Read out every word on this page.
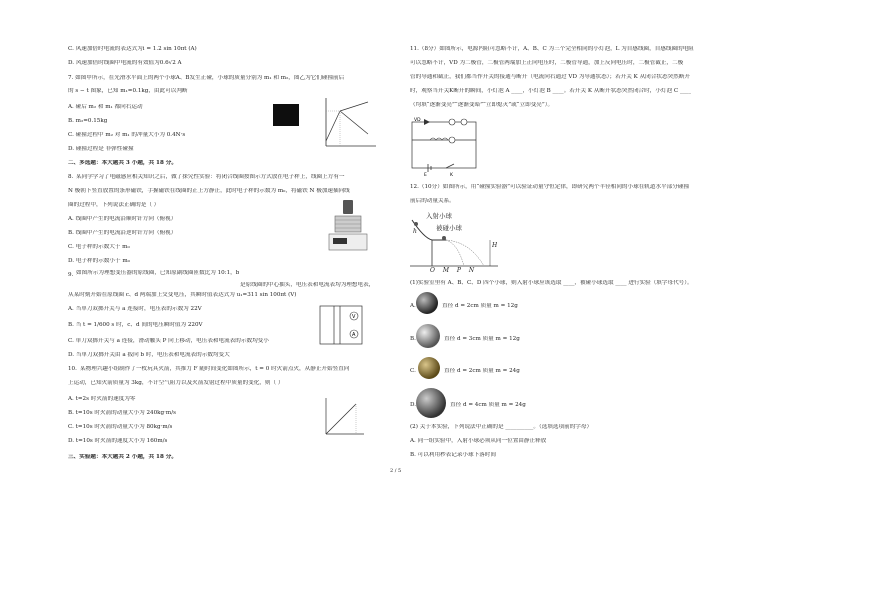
C. 风速加倍时电流的表达式为i = 1.2 sin 10πt (A)
D. 风速加倍时线圈中电流的有效值为0.6√2 A
7. 如图甲所示，在光滑水平面上的两个小球A、B发生正碰，小球的质量分别为 m₁ 和 m₂，图乙为它们碰撞前后
的 s − t 图象，已知 m₁=0.1kg，由此可以判断
A. 碰后 m₂ 和 m₁ 都向右运动
B. m₂=0.15kg
C. 碰撞过程中 m₂ 对 m₁ 的冲量大小为 0.4N·s
D. 碰撞过程是 非弹性碰撞
二、多选题：本大题共 3 小题，共 18 分。
8. 某同学学习了电磁感应相关知识之后，做了探究性实验：将闭合线圈按图示方式放在电子秤上，线圈上方有一
N 极朝下竖直放置的条形磁铁，手握磁铁在线圈的正上方静止，此时电子秤的示数为 m₀，将磁铁 N 极加速插向线
圈的过程中，下列说法正确的是（ ）
A. 线圈中产生的电流沿顺时针方向（俯视）
B. 线圈中产生的电流沿逆时针方向（俯视）
C. 电子秤的示数大于 m₀
D. 电子秤的示数小于 m₀
9. 如图所示为理想变压器的原线圈，已知原副线圈匝数比为 10:1，b
是原线圈的中心抽头，电压表和电流表均为理想电表，
从某时刻开始在原线圈 c、d 两端加上交变电压，其瞬时值表达式为 u₁=311 sin 100πt (V)
A. 当单刀双掷开关与 a 连接时，电压表的示数为 22V
B. 当 t = 1/600 s 时，c、d 间的电压瞬时值为 220V
C. 单刀双掷开关与 a 连接，滑动触头 P 向上移动，电压表和电流表的示数均变小
D. 当单刀双掷开关由 a 扳向 b 时，电压表和电流表的示数均变大
V
A
10. 某物理兴趣小组制作了一枚玩具火箭，其推力 F 随时间变化如图所示，t = 0 时火箭点火，从静止开始竖直向
上运动，已知火箭质量为 3kg，不计空气阻力以及火箭发射过程中质量的变化，则（ ）
A. t=2s 时火箭的速度为零
B. t=10s 时火箭的动量大小为 240kg·m/s
C. t=10s 时火箭的动量大小为 80kg·m/s
D. t=10s 时火箭的速度大小为 160m/s
三、实验题：本大题共 2 小题，共 18 分。
11.（8分）如图所示，电源内阻可忽略不计，A、B、C 为三个完全相同的小灯泡，L 为自感线圈，自感线圈的电阻
可以忽略不计，VD 为二极管，二极管两端加上正向电压时，二极管导通，加上反向电压时，二极管截止，二极
管的导通和截止，我们都当作开关的接通与断开（电流向右通过 VD 为导通状态）；若开关 K 从闭合状态突然断开
时，观察当开关K断开的瞬间，小灯泡 A ____，小灯泡 B ____。若开关 K 从断开状态突然闭合时，小灯泡 C ____
（均填“逐渐变亮”“逐渐变暗”“立即熄灭”或“立即变亮”）。
VD
E	K
12.（10分）如图所示，用“碰撞实验器”可以验证动量守恒定律，即研究两个半径相同的小球在轨道水平部分碰撞
前后的动量关系。
入射小球
被碰小球
h
H
O M P N
(1)实验室里有 A、B、C、D 四个小球，则入射小球应该选取 ____，被碰小球选取 ____ 进行实验（填字母代号）。
A.	直径 d = 2cm 质量 m = 12g
B.	直径 d = 3cm 质量 m = 12g
C.	直径 d = 2cm 质量 m = 24g
D.	直径 d = 4cm 质量 m = 24g
(2) 关于本实验，下列说法中正确的是 __________。（选填选项前的字母）
A. 同一组实验中，入射小球必须从同一位置由静止释放
B. 可以利用秒表记录小球下落时间
2 / 5
